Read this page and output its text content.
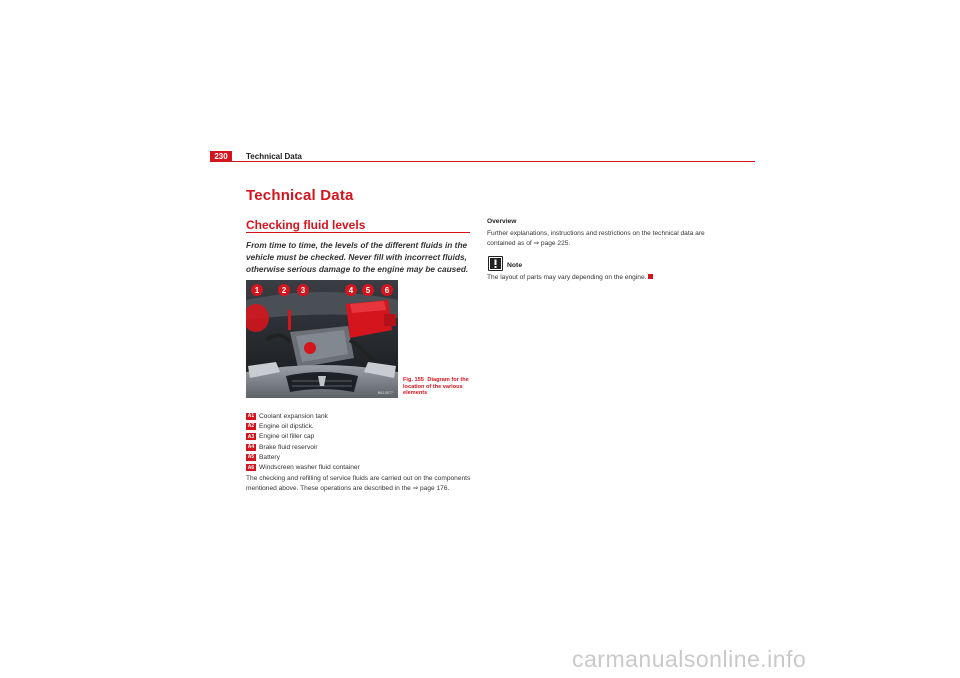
230	Technical Data
Technical Data
Checking fluid levels

From time to time, the levels of the different fluids in the vehicle must be checked. Never fill with incorrect fluids, otherwise serious damage to the engine may be caused.

1	2 3	4 5 6
B6J-0077
Fig. 155 Diagram for the location of the various elements
A1 Coolant expansion tank
A2 Engine oil dipstick.
A3 Engine oil filler cap
A4 Brake fluid reservoir
A5 Battery
A6 Windscreen washer fluid container

The checking and refilling of service fluids are carried out on the components mentioned above. These operations are described in the ⇒ page 176.

Overview

Further explanations, instructions and restrictions on the technical data are contained as of ⇒ page 225.

Note

The layout of parts may vary depending on the engine.

carmanualsonline.info
